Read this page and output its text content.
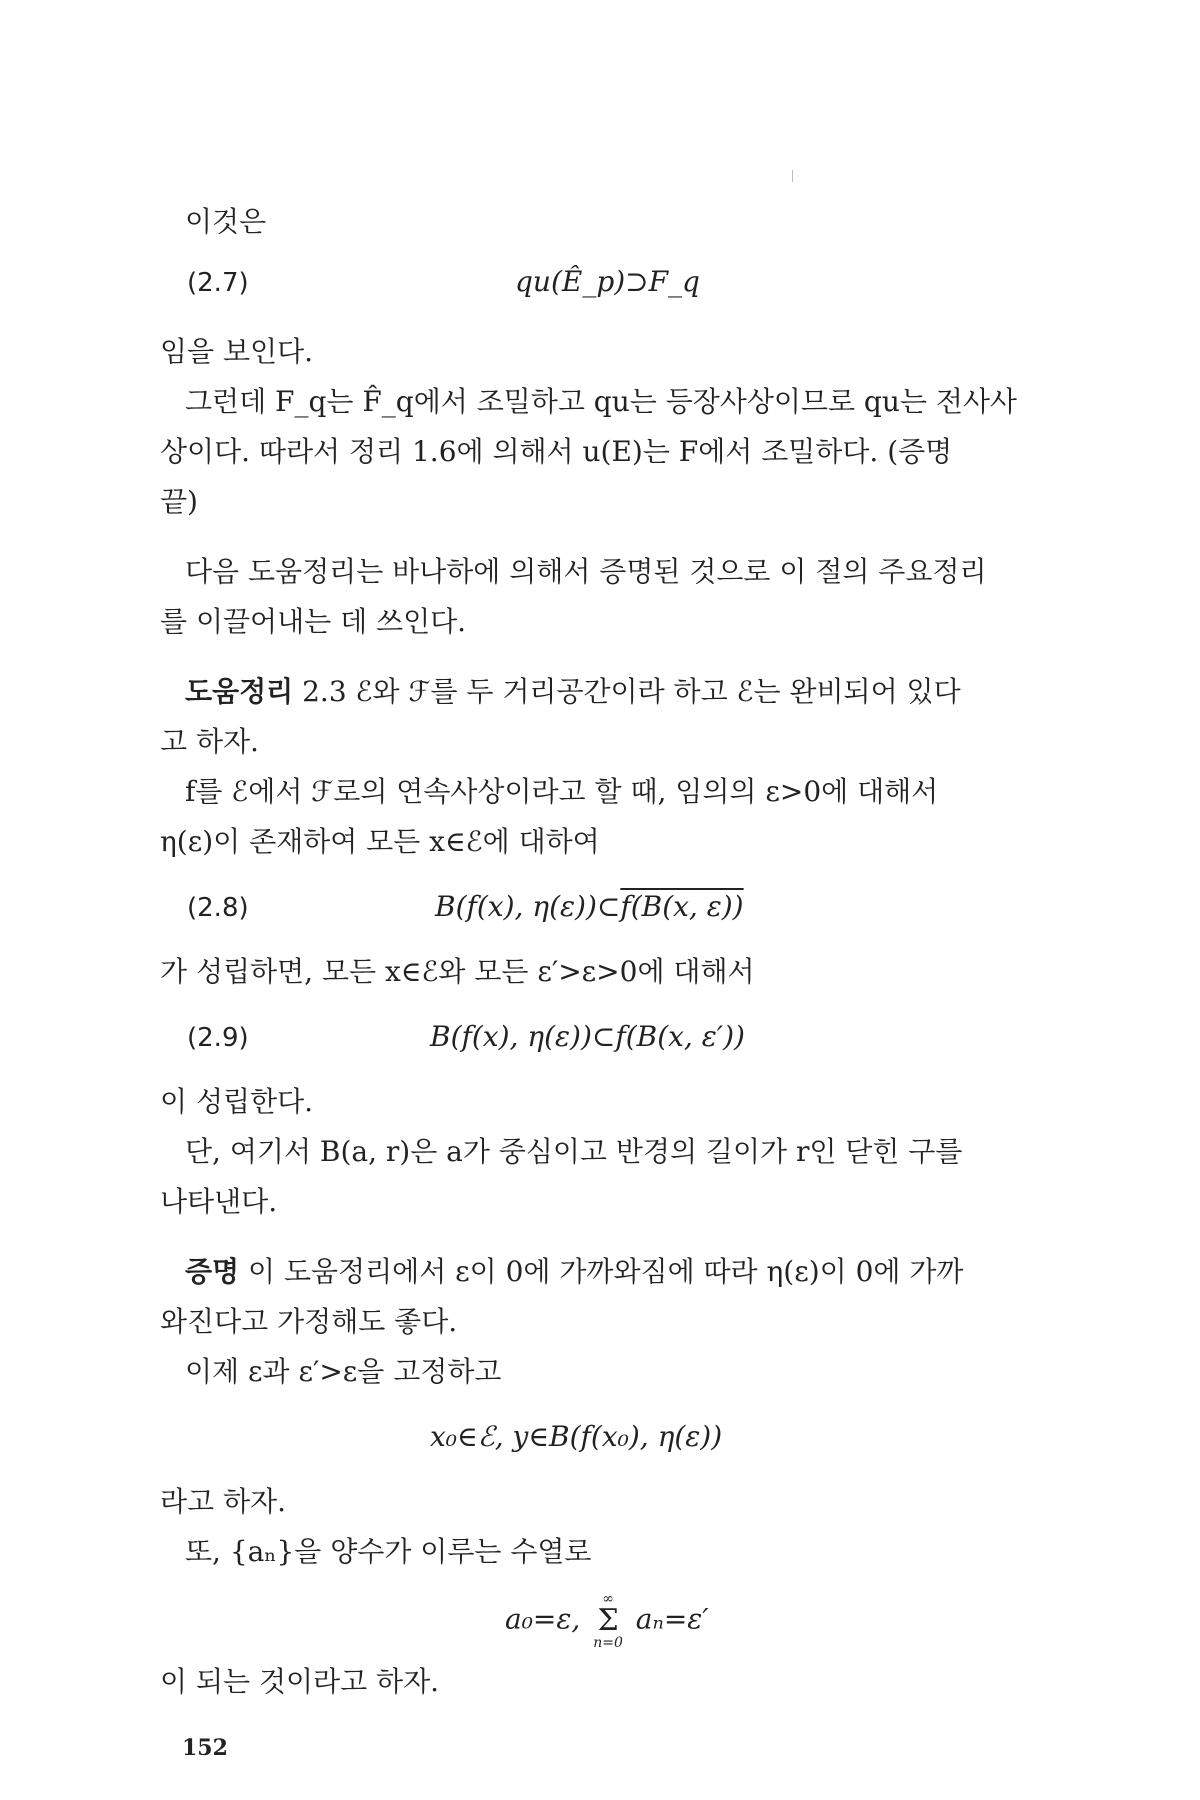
이것은
(2.7)	qu(Ê_p)⊃F_q
임을 보인다.
그런데 F_q는 F̂_q에서 조밀하고 qu는 등장사상이므로 qu는 전사사
상이다. 따라서 정리 1.6에 의해서 u(E)는 F에서 조밀하다. (증명
끝)
다음 도움정리는 바나하에 의해서 증명된 것으로 이 절의 주요정리
를 이끌어내는 데 쓰인다.
도움정리 2.3 ℰ와 ℱ를 두 거리공간이라 하고 ℰ는 완비되어 있다
고 하자.
f를 ℰ에서 ℱ로의 연속사상이라고 할 때, 임의의 ε>0에 대해서
η(ε)이 존재하여 모든 x∈ℰ에 대하여
(2.8)	B(f(x), η(ε))⊂f(B(x, ε))
가 성립하면, 모든 x∈ℰ와 모든 ε′>ε>0에 대해서
(2.9)	B(f(x), η(ε))⊂f(B(x, ε′))
이 성립한다.
단, 여기서 B(a, r)은 a가 중심이고 반경의 길이가 r인 닫힌 구를
나타낸다.
증명 이 도움정리에서 ε이 0에 가까와짐에 따라 η(ε)이 0에 가까
와진다고 가정해도 좋다.
이제 ε과 ε′>ε을 고정하고
x₀∈ℰ, y∈B(f(x₀), η(ε))
라고 하자.
또, {aₙ}을 양수가 이루는 수열로
a₀=ε,
∞
Σ
n=0
aₙ=ε′
이 되는 것이라고 하자.
152
